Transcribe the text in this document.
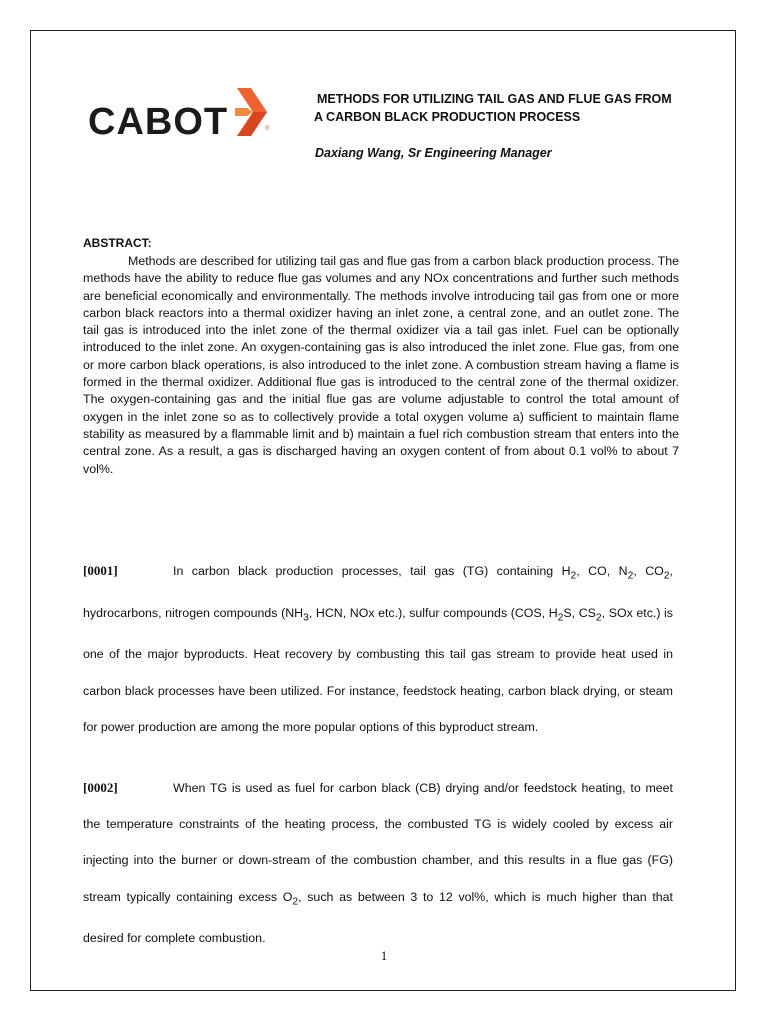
CABOT	®
METHODS FOR UTILIZING TAIL GAS AND FLUE GAS FROM
A CARBON BLACK PRODUCTION PROCESS
Daxiang Wang, Sr Engineering Manager
ABSTRACT:
Methods are described for utilizing tail gas and flue gas from a carbon black production process. The methods have the ability to reduce flue gas volumes and any NOx concentrations and further such methods are beneficial economically and environmentally. The methods involve introducing tail gas from one or more carbon black reactors into a thermal oxidizer having an inlet zone, a central zone, and an outlet zone. The tail gas is introduced into the inlet zone of the thermal oxidizer via a tail gas inlet. Fuel can be optionally introduced to the inlet zone. An oxygen-containing gas is also introduced the inlet zone. Flue gas, from one or more carbon black operations, is also introduced to the inlet zone. A combustion stream having a flame is formed in the thermal oxidizer. Additional flue gas is introduced to the central zone of the thermal oxidizer. The oxygen-containing gas and the initial flue gas are volume adjustable to control the total amount of oxygen in the inlet zone so as to collectively provide a total oxygen volume a) sufficient to maintain flame stability as measured by a flammable limit and b) maintain a fuel rich combustion stream that enters into the central zone. As a result, a gas is discharged having an oxygen content of from about 0.1 vol% to about 7 vol%.
[0001]	In carbon black production processes, tail gas (TG) containing $H_2$, CO, $N_2$, $CO_2$, hydrocarbons, nitrogen compounds ($NH_3$, HCN, NOx etc.), sulfur compounds (COS, $H_2S$, $CS_2$, SOx etc.) is one of the major byproducts. Heat recovery by combusting this tail gas stream to provide heat used in carbon black processes have been utilized. For instance, feedstock heating, carbon black drying, or steam for power production are among the more popular options of this byproduct stream.
[0002]	When TG is used as fuel for carbon black (CB) drying and/or feedstock heating, to meet the temperature constraints of the heating process, the combusted TG is widely cooled by excess air injecting into the burner or down-stream of the combustion chamber, and this results in a flue gas (FG) stream typically containing excess $O_2$, such as between 3 to 12 vol%, which is much higher than that desired for complete combustion.
1
